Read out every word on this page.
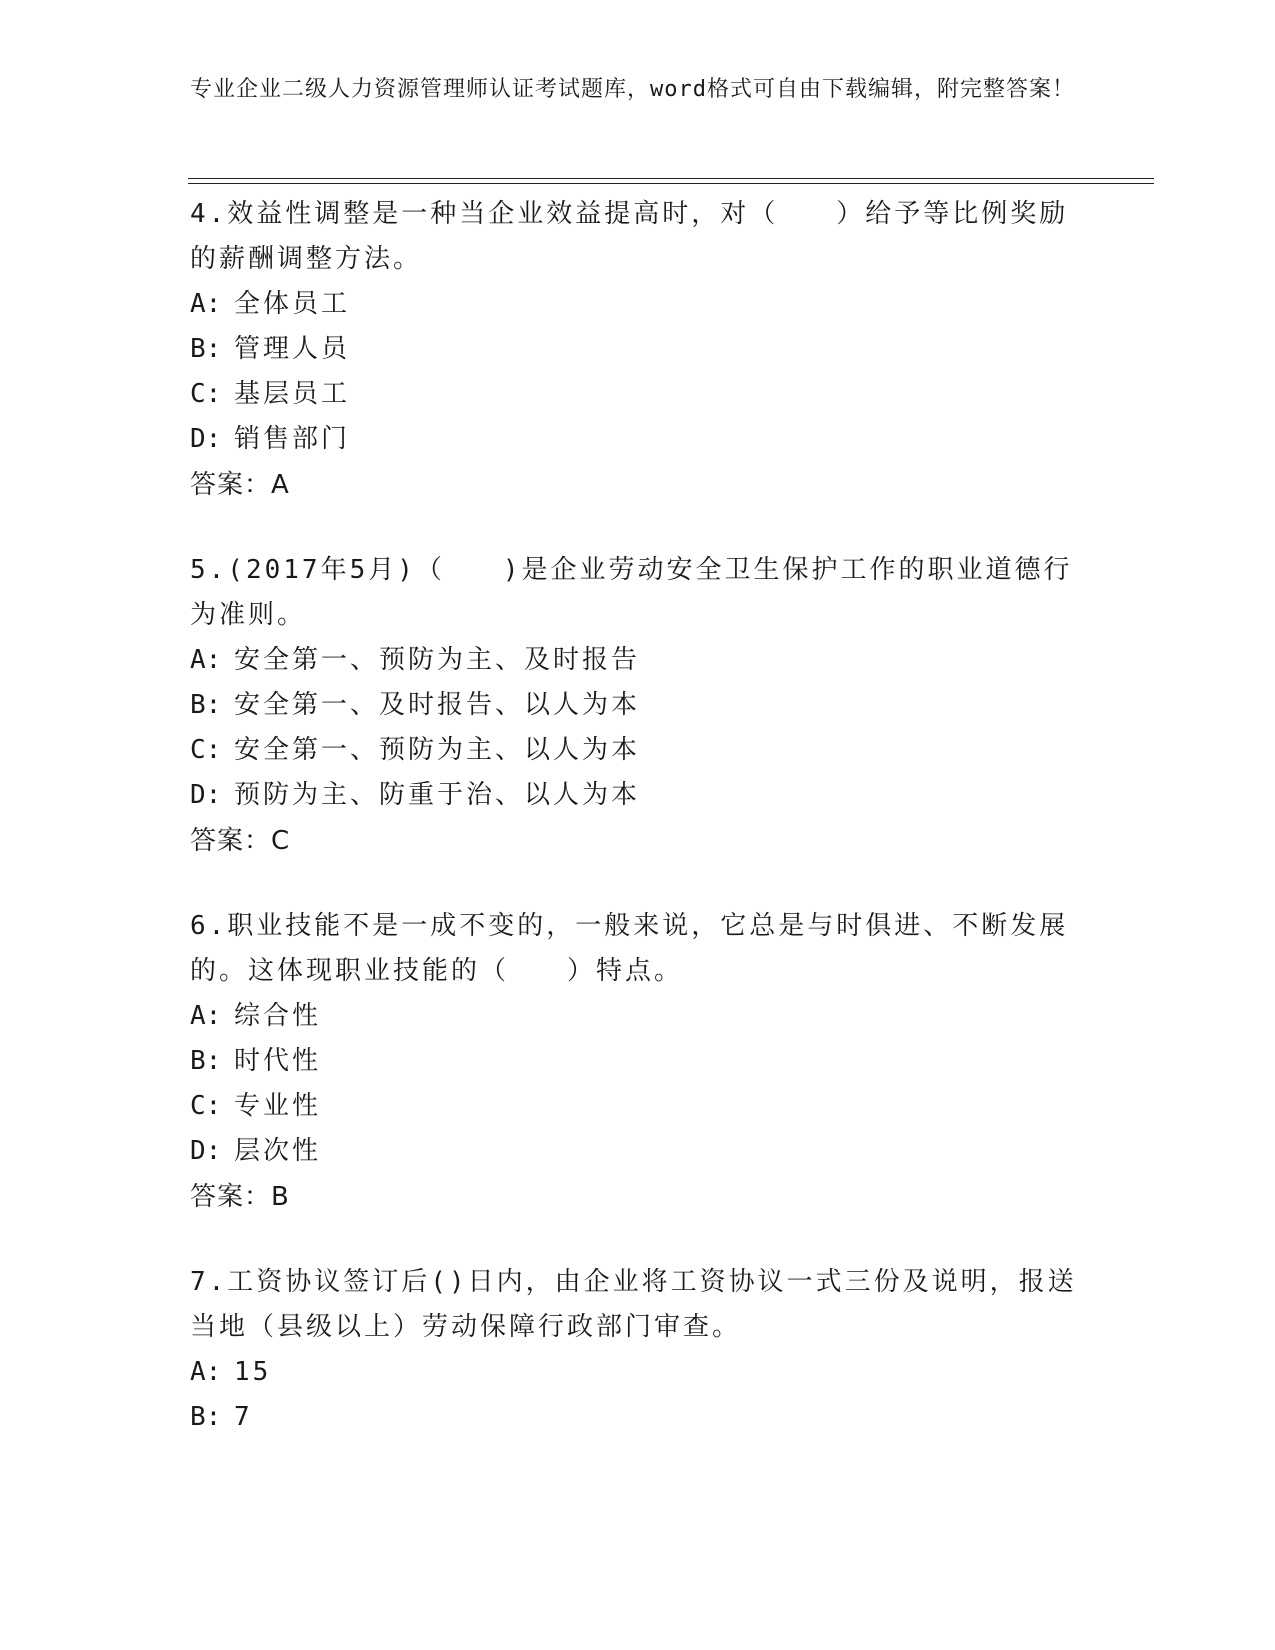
专业企业二级人力资源管理师认证考试题库，word格式可自由下载编辑，附完整答案！
4.效益性调整是一种当企业效益提高时，对（　　）给予等比例奖励的薪酬调整方法。
A: 全体员工
B: 管理人员
C: 基层员工
D: 销售部门
答案：A
5.(2017年5月)（　　)是企业劳动安全卫生保护工作的职业道德行为准则。
A: 安全第一、预防为主、及时报告
B: 安全第一、及时报告、以人为本
C: 安全第一、预防为主、以人为本
D: 预防为主、防重于治、以人为本
答案：C
6.职业技能不是一成不变的，一般来说，它总是与时俱进、不断发展的。这体现职业技能的（　　）特点。
A: 综合性
B: 时代性
C: 专业性
D: 层次性
答案：B
7.工资协议签订后()日内，由企业将工资协议一式三份及说明，报送当地（县级以上）劳动保障行政部门审查。
A: 15
B: 7
